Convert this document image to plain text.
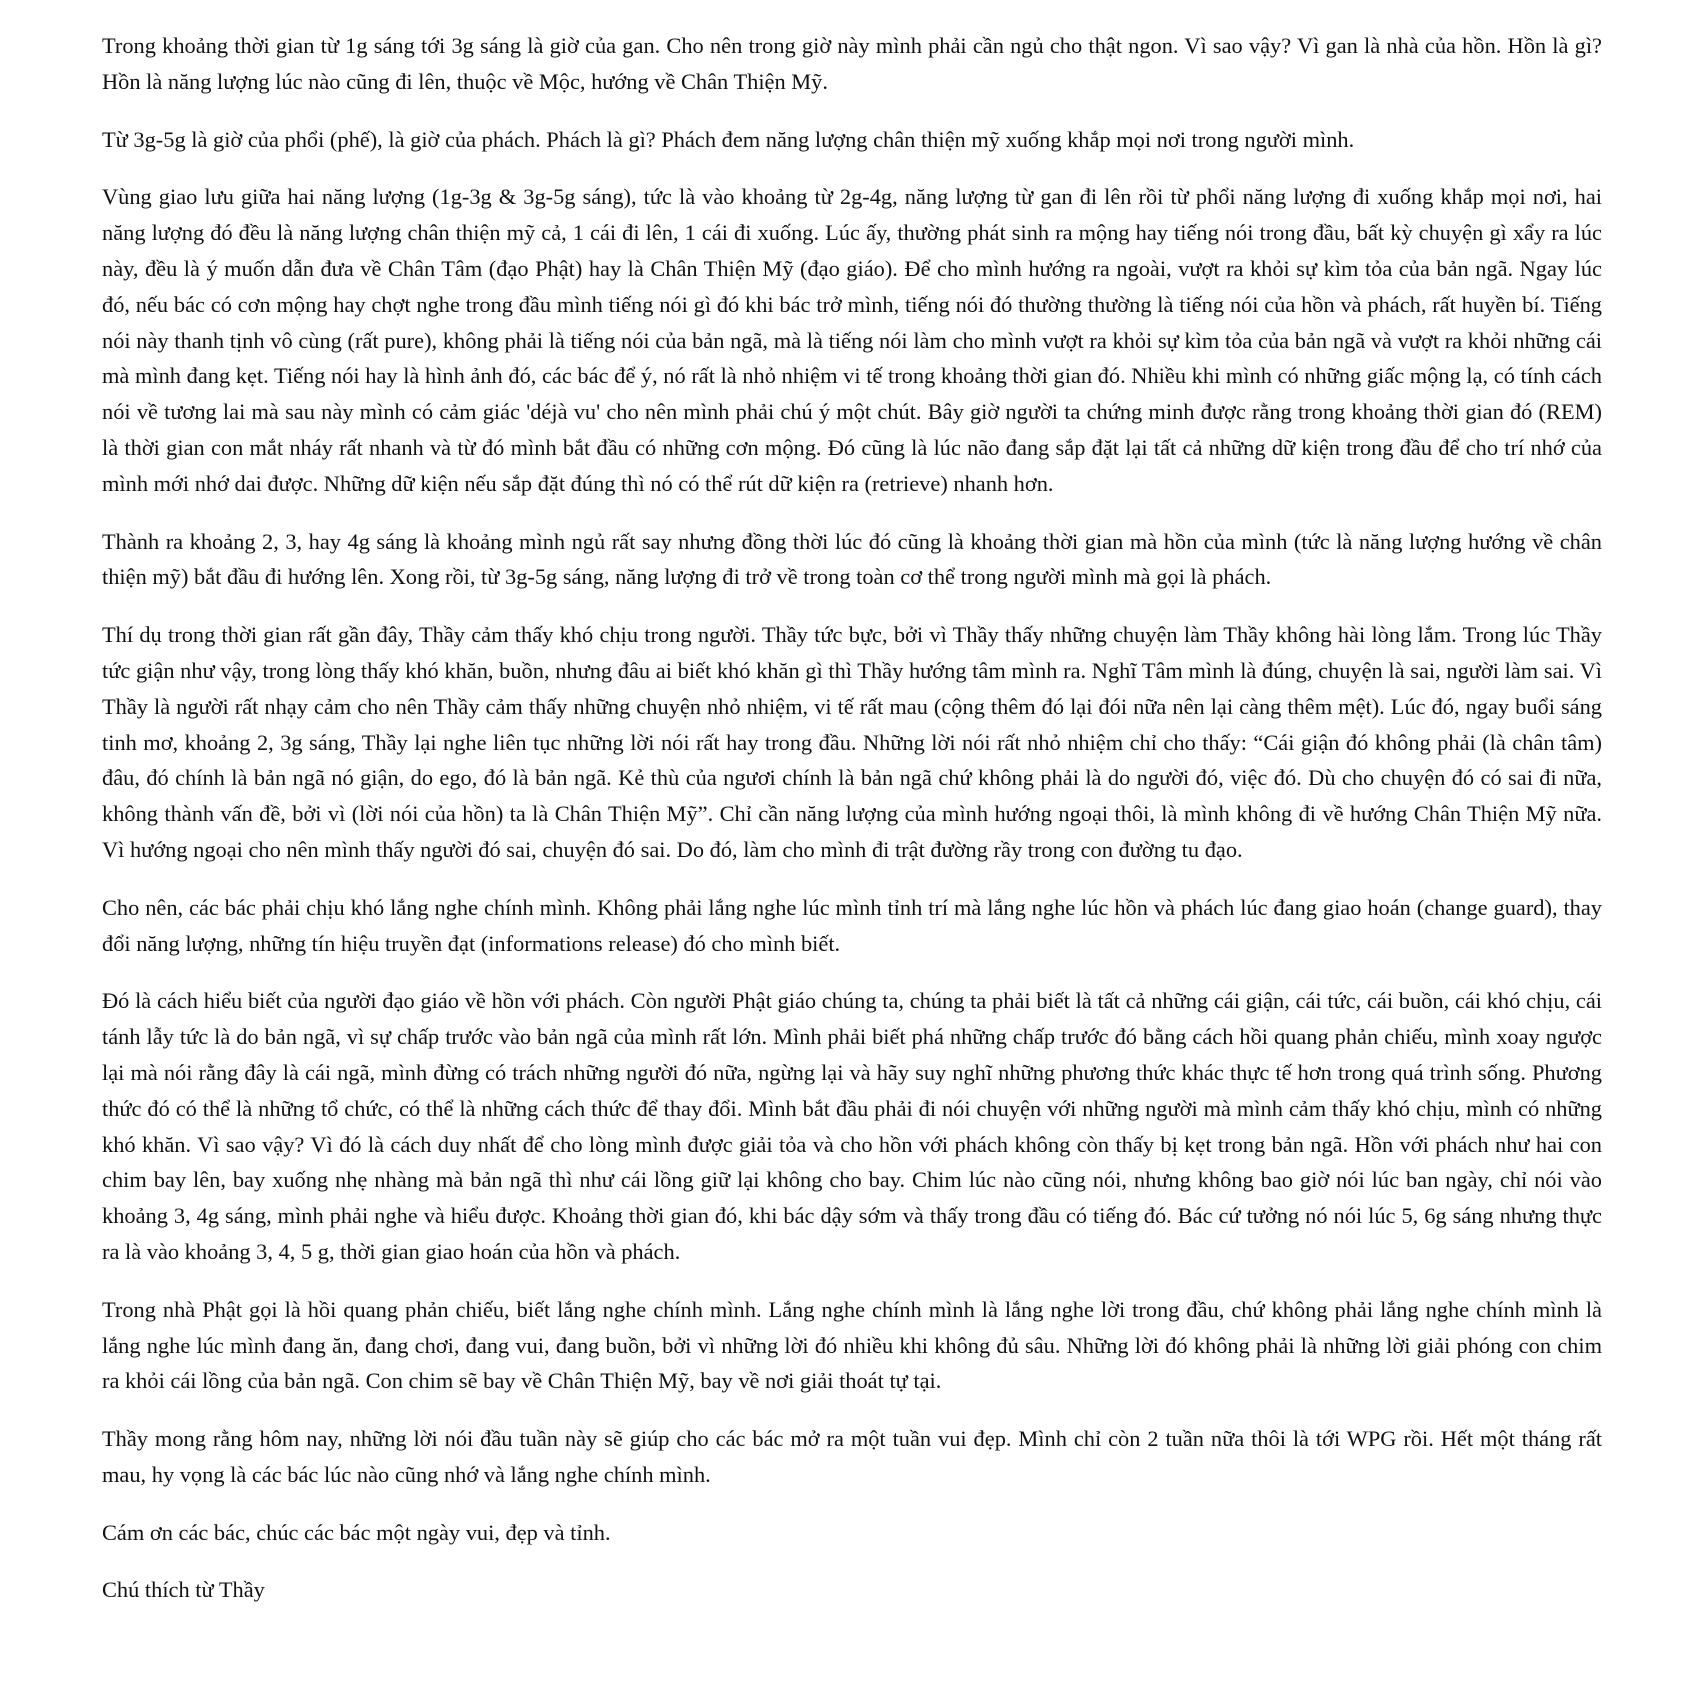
Trong khoảng thời gian từ 1g sáng tới 3g sáng là giờ của gan. Cho nên trong giờ này mình phải cần ngủ cho thật ngon. Vì sao vậy? Vì gan là nhà của hồn. Hồn là gì? Hồn là năng lượng lúc nào cũng đi lên, thuộc về Mộc, hướng về Chân Thiện Mỹ.

Từ 3g-5g là giờ của phổi (phế), là giờ của phách. Phách là gì? Phách đem năng lượng chân thiện mỹ xuống khắp mọi nơi trong người mình.

Vùng giao lưu giữa hai năng lượng (1g-3g & 3g-5g sáng), tức là vào khoảng từ 2g-4g, năng lượng từ gan đi lên rồi từ phổi năng lượng đi xuống khắp mọi nơi, hai năng lượng đó đều là năng lượng chân thiện mỹ cả, 1 cái đi lên, 1 cái đi xuống. Lúc ấy, thường phát sinh ra mộng hay tiếng nói trong đầu, bất kỳ chuyện gì xẩy ra lúc này, đều là ý muốn dẫn đưa về Chân Tâm (đạo Phật) hay là Chân Thiện Mỹ (đạo giáo). Để cho mình hướng ra ngoài, vượt ra khỏi sự kìm tỏa của bản ngã. Ngay lúc đó, nếu bác có cơn mộng hay chợt nghe trong đầu mình tiếng nói gì đó khi bác trở mình, tiếng nói đó thường thường là tiếng nói của hồn và phách, rất huyền bí. Tiếng nói này thanh tịnh vô cùng (rất pure), không phải là tiếng nói của bản ngã, mà là tiếng nói làm cho mình vượt ra khỏi sự kìm tỏa của bản ngã và vượt ra khỏi những cái mà mình đang kẹt. Tiếng nói hay là hình ảnh đó, các bác để ý, nó rất là nhỏ nhiệm vi tế trong khoảng thời gian đó. Nhiều khi mình có những giấc mộng lạ, có tính cách nói về tương lai mà sau này mình có cảm giác 'déjà vu' cho nên mình phải chú ý một chút. Bây giờ người ta chứng minh được rằng trong khoảng thời gian đó (REM) là thời gian con mắt nháy rất nhanh và từ đó mình bắt đầu có những cơn mộng. Đó cũng là lúc não đang sắp đặt lại tất cả những dữ kiện trong đầu để cho trí nhớ của mình mới nhớ dai được. Những dữ kiện nếu sắp đặt đúng thì nó có thể rút dữ kiện ra (retrieve) nhanh hơn.

Thành ra khoảng 2, 3, hay 4g sáng là khoảng mình ngủ rất say nhưng đồng thời lúc đó cũng là khoảng thời gian mà hồn của mình (tức là năng lượng hướng về chân thiện mỹ) bắt đầu đi hướng lên. Xong rồi, từ 3g-5g sáng, năng lượng đi trở về trong toàn cơ thể trong người mình mà gọi là phách.

Thí dụ trong thời gian rất gần đây, Thầy cảm thấy khó chịu trong người. Thầy tức bực, bởi vì Thầy thấy những chuyện làm Thầy không hài lòng lắm. Trong lúc Thầy tức giận như vậy, trong lòng thấy khó khăn, buồn, nhưng đâu ai biết khó khăn gì thì Thầy hướng tâm mình ra. Nghĩ Tâm mình là đúng, chuyện là sai, người làm sai. Vì Thầy là người rất nhạy cảm cho nên Thầy cảm thấy những chuyện nhỏ nhiệm, vi tế rất mau (cộng thêm đó lại đói nữa nên lại càng thêm mệt). Lúc đó, ngay buổi sáng tinh mơ, khoảng 2, 3g sáng, Thầy lại nghe liên tục những lời nói rất hay trong đầu. Những lời nói rất nhỏ nhiệm chỉ cho thấy: “Cái giận đó không phải (là chân tâm) đâu, đó chính là bản ngã nó giận, do ego, đó là bản ngã. Kẻ thù của ngươi chính là bản ngã chứ không phải là do người đó, việc đó. Dù cho chuyện đó có sai đi nữa, không thành vấn đề, bởi vì (lời nói của hồn) ta là Chân Thiện Mỹ”. Chỉ cần năng lượng của mình hướng ngoại thôi, là mình không đi về hướng Chân Thiện Mỹ nữa. Vì hướng ngoại cho nên mình thấy người đó sai, chuyện đó sai. Do đó, làm cho mình đi trật đường rầy trong con đường tu đạo.

Cho nên, các bác phải chịu khó lắng nghe chính mình. Không phải lắng nghe lúc mình tỉnh trí mà lắng nghe lúc hồn và phách lúc đang giao hoán (change guard), thay đổi năng lượng, những tín hiệu truyền đạt (informations release) đó cho mình biết.

Đó là cách hiểu biết của người đạo giáo về hồn với phách. Còn người Phật giáo chúng ta, chúng ta phải biết là tất cả những cái giận, cái tức, cái buồn, cái khó chịu, cái tánh lẫy tức là do bản ngã, vì sự chấp trước vào bản ngã của mình rất lớn. Mình phải biết phá những chấp trước đó bằng cách hồi quang phản chiếu, mình xoay ngược lại mà nói rằng đây là cái ngã, mình đừng có trách những người đó nữa, ngừng lại và hãy suy nghĩ những phương thức khác thực tế hơn trong quá trình sống. Phương thức đó có thể là những tổ chức, có thể là những cách thức để thay đổi. Mình bắt đầu phải đi nói chuyện với những người mà mình cảm thấy khó chịu, mình có những khó khăn. Vì sao vậy? Vì đó là cách duy nhất để cho lòng mình được giải tỏa và cho hồn với phách không còn thấy bị kẹt trong bản ngã. Hồn với phách như hai con chim bay lên, bay xuống nhẹ nhàng mà bản ngã thì như cái lồng giữ lại không cho bay. Chim lúc nào cũng nói, nhưng không bao giờ nói lúc ban ngày, chỉ nói vào khoảng 3, 4g sáng, mình phải nghe và hiểu được. Khoảng thời gian đó, khi bác dậy sớm và thấy trong đầu có tiếng đó. Bác cứ tưởng nó nói lúc 5, 6g sáng nhưng thực ra là vào khoảng 3, 4, 5 g, thời gian giao hoán của hồn và phách.

Trong nhà Phật gọi là hồi quang phản chiếu, biết lắng nghe chính mình. Lắng nghe chính mình là lắng nghe lời trong đầu, chứ không phải lắng nghe chính mình là lắng nghe lúc mình đang ăn, đang chơi, đang vui, đang buồn, bởi vì những lời đó nhiều khi không đủ sâu. Những lời đó không phải là những lời giải phóng con chim ra khỏi cái lồng của bản ngã. Con chim sẽ bay về Chân Thiện Mỹ, bay về nơi giải thoát tự tại.

Thầy mong rằng hôm nay, những lời nói đầu tuần này sẽ giúp cho các bác mở ra một tuần vui đẹp. Mình chỉ còn 2 tuần nữa thôi là tới WPG rồi. Hết một tháng rất mau, hy vọng là các bác lúc nào cũng nhớ và lắng nghe chính mình.

Cám ơn các bác, chúc các bác một ngày vui, đẹp và tỉnh.

Chú thích từ Thầy
